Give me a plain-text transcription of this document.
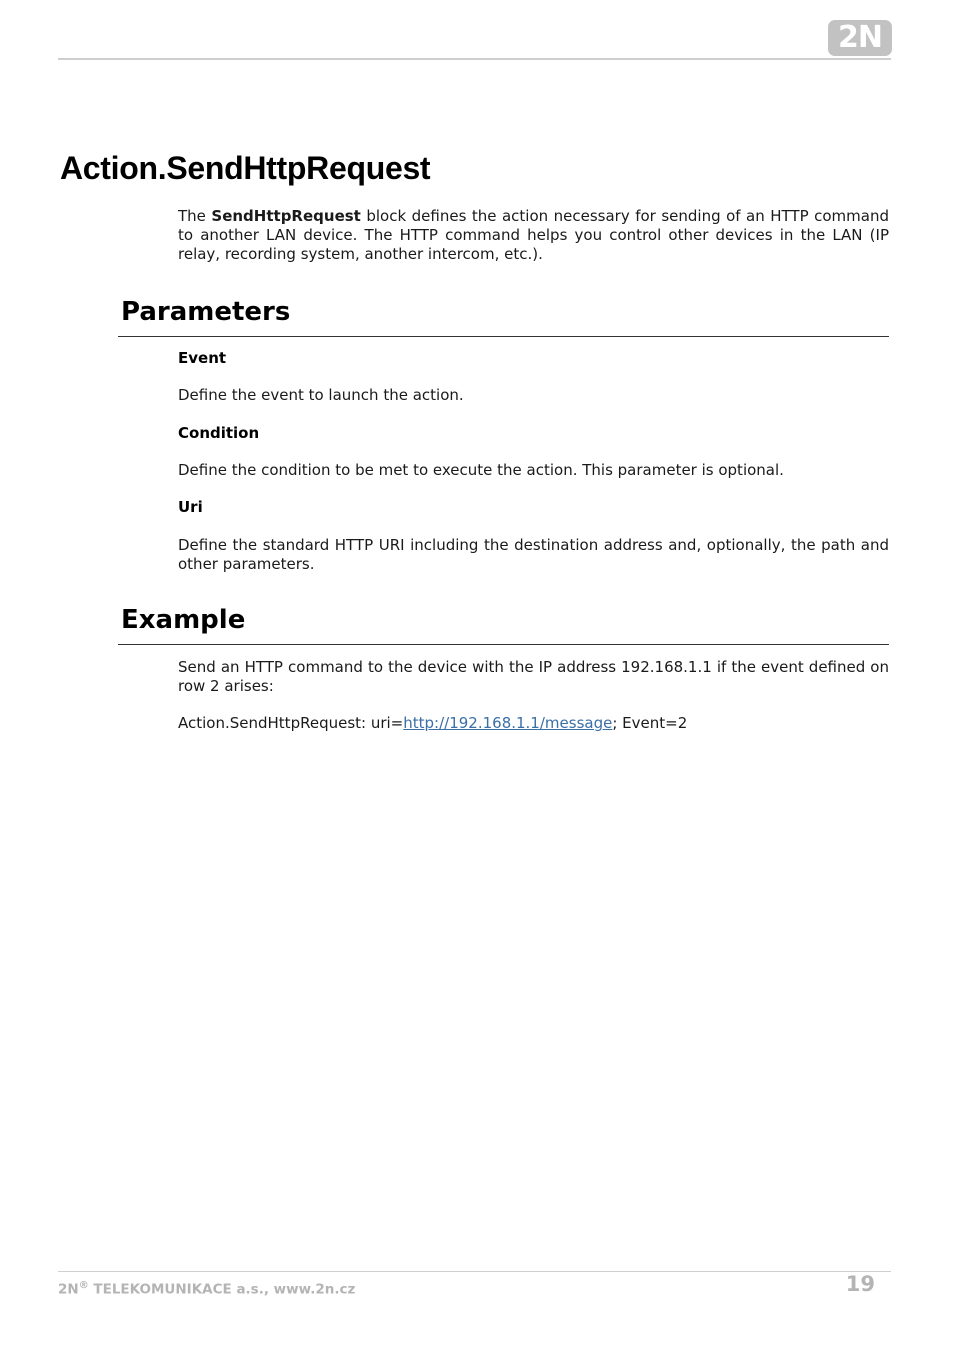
2N
Action.SendHttpRequest

The SendHttpRequest block defines the action necessary for sending of an HTTP command to another LAN device. The HTTP command helps you control other devices in the LAN (IP relay, recording system, another intercom, etc.).

Parameters

Event

Define the event to launch the action.

Condition

Define the condition to be met to execute the action. This parameter is optional.

Uri

Define the standard HTTP URI including the destination address and, optionally, the path and other parameters.

Example

Send an HTTP command to the device with the IP address 192.168.1.1 if the event defined on row 2 arises:

Action.SendHttpRequest: uri=http://192.168.1.1/message; Event=2

2N® TELEKOMUNIKACE a.s., www.2n.cz	19
